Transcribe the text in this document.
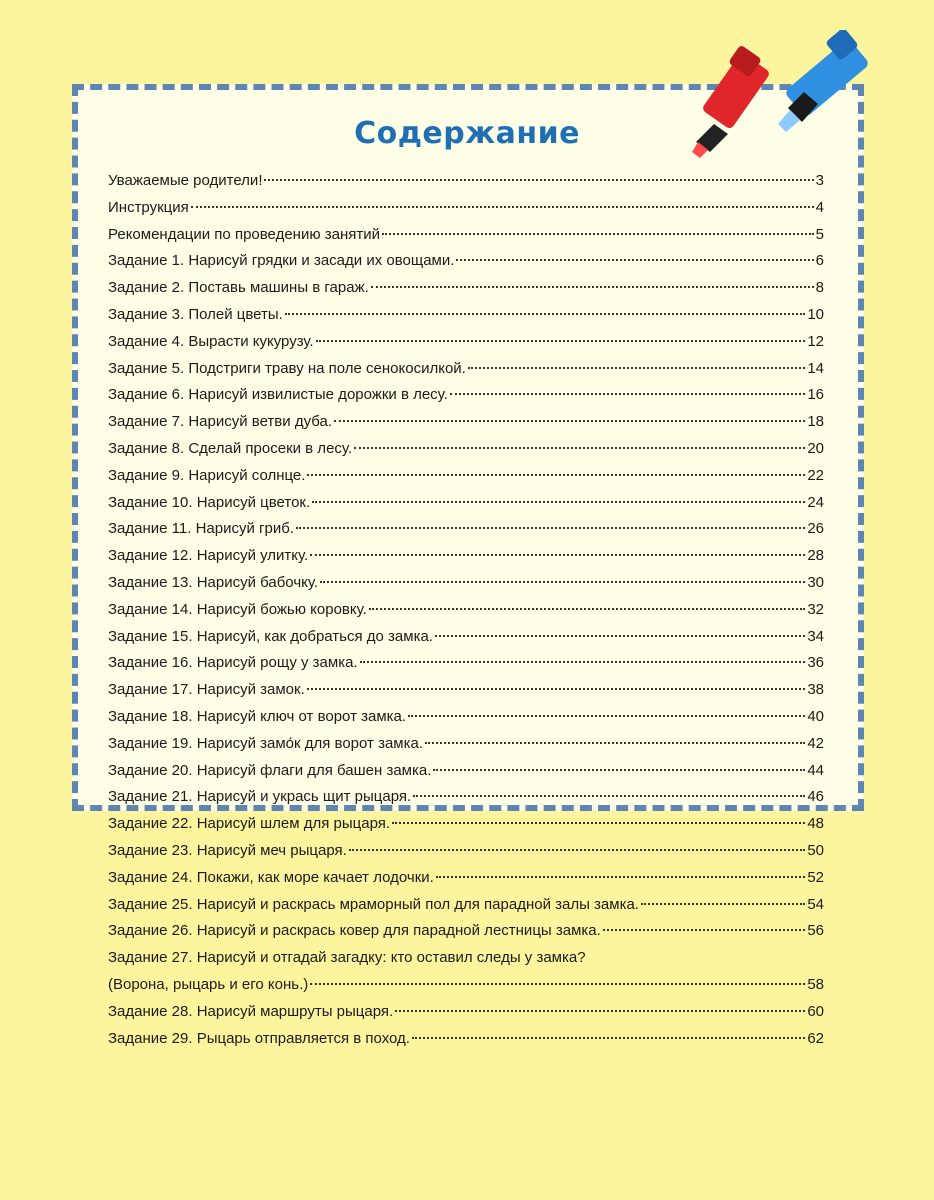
Содержание
Уважаемые родители!	3
Инструкция	4
Рекомендации по проведению занятий	5
Задание 1. Нарисуй грядки и засади их овощами.	6
Задание 2. Поставь машины в гараж.	8
Задание 3. Полей цветы.	10
Задание 4. Вырасти кукурузу.	12
Задание 5. Подстриги траву на поле сенокосилкой.	14
Задание 6. Нарисуй извилистые дорожки в лесу.	16
Задание 7. Нарисуй ветви дуба.	18
Задание 8. Сделай просеки в лесу.	20
Задание 9. Нарисуй солнце.	22
Задание 10. Нарисуй цветок.	24
Задание 11. Нарисуй гриб.	26
Задание 12. Нарисуй улитку.	28
Задание 13. Нарисуй бабочку.	30
Задание 14. Нарисуй божью коровку.	32
Задание 15. Нарисуй, как добраться до замка.	34
Задание 16. Нарисуй рощу у замка.	36
Задание 17. Нарисуй замок.	38
Задание 18. Нарисуй ключ от ворот замка.	40
Задание 19. Нарисуй замо́к для ворот замка.	42
Задание 20. Нарисуй флаги для башен замка.	44
Задание 21. Нарисуй и укрась щит рыцаря.	46
Задание 22. Нарисуй шлем для рыцаря.	48
Задание 23. Нарисуй меч рыцаря.	50
Задание 24. Покажи, как море качает лодочки.	52
Задание 25. Нарисуй и раскрась мраморный пол для парадной залы замка.	54
Задание 26. Нарисуй и раскрась ковер для парадной лестницы замка.	56
Задание 27. Нарисуй и отгадай загадку: кто оставил следы у замка?
(Ворона, рыцарь и его конь.)	58
Задание 28. Нарисуй маршруты рыцаря.	60
Задание 29. Рыцарь отправляется в поход.	62
